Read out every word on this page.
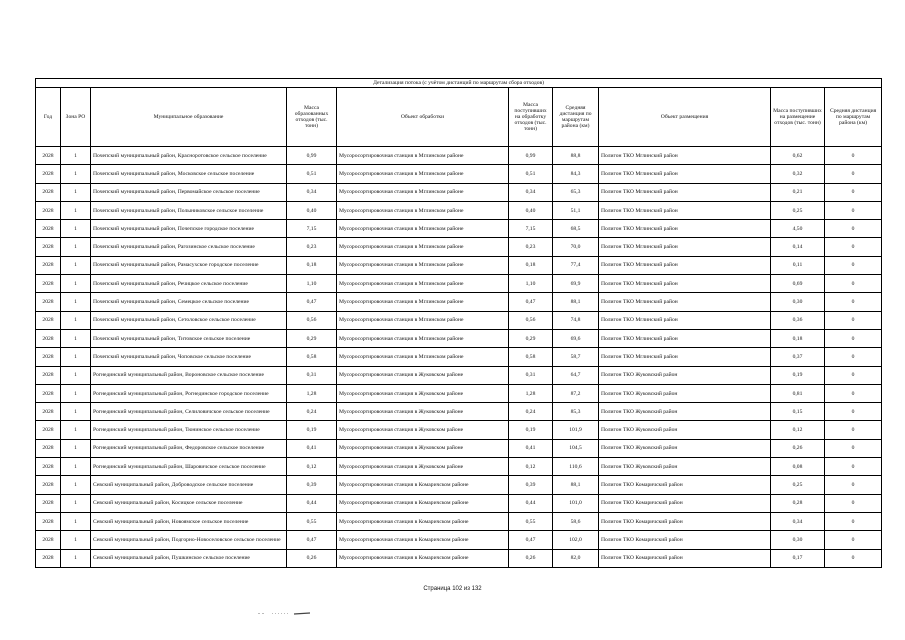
Детализация потока (с учётом дистанций по маршрутам сбора отходов)									
Год	Зона РО	Муниципальное образование	Масса образованных отходов (тыс. тонн)	Объект обработки	Масса поступивших на обработку отходов (тыс. тонн)	Средняя дистанция по маршрутам района (км)	Объект размещения	Масса поступивших на размещение отходов (тыс. тонн)	Средняя дистанция по маршрутам района (км)
2028	1	Почепский муниципальный район, Красноротовское сельское поселение	0,99	Мусоросортировочная станция в Мглинском районе	0,99	88,8	Полигон ТКО Мглинский район	0,62	0
2028	1	Почепский муниципальный район, Московское сельское поселение	0,51	Мусоросортировочная станция в Мглинском районе	0,51	84,3	Полигон ТКО Мглинский район	0,32	0
2028	1	Почепский муниципальный район, Первомайское сельское поселение	0,34	Мусоросортировочная станция в Мглинском районе	0,34	65,3	Полигон ТКО Мглинский район	0,21	0
2028	1	Почепский муниципальный район, Полыниковское сельское поселение	0,40	Мусоросортировочная станция в Мглинском районе	0,40	51,1	Полигон ТКО Мглинский район	0,25	0
2028	1	Почепский муниципальный район, Почепское городское поселение	7,15	Мусоросортировочная станция в Мглинском районе	7,15	68,5	Полигон ТКО Мглинский район	4,50	0
2028	1	Почепский муниципальный район, Рагозинское сельское поселение	0,23	Мусоросортировочная станция в Мглинском районе	0,23	70,0	Полигон ТКО Мглинский район	0,14	0
2028	1	Почепский муниципальный район, Рамасухское городское поселение	0,18	Мусоросортировочная станция в Мглинском районе	0,18	77,4	Полигон ТКО Мглинский район	0,11	0
2028	1	Почепский муниципальный район, Речицкое сельское поселение	1,10	Мусоросортировочная станция в Мглинском районе	1,10	69,9	Полигон ТКО Мглинский район	0,69	0
2028	1	Почепский муниципальный район, Семецкое сельское поселение	0,47	Мусоросортировочная станция в Мглинском районе	0,47	88,1	Полигон ТКО Мглинский район	0,30	0
2028	1	Почепский муниципальный район, Сетоловское сельское поселение	0,56	Мусоросортировочная станция в Мглинском районе	0,56	74,8	Полигон ТКО Мглинский район	0,36	0
2028	1	Почепский муниципальный район, Титовское сельское поселение	0,29	Мусоросортировочная станция в Мглинском районе	0,29	69,6	Полигон ТКО Мглинский район	0,18	0
2028	1	Почепский муниципальный район, Чоповское сельское поселение	0,58	Мусоросортировочная станция в Мглинском районе	0,58	58,7	Полигон ТКО Мглинский район	0,37	0
2028	1	Рогнединский муниципальный район, Вороновское сельское поселение	0,31	Мусоросортировочная станция в Жуковском районе	0,31	64,7	Полигон ТКО Жуковский район	0,19	0
2028	1	Рогнединский муниципальный район, Рогнединское городское поселение	1,28	Мусоросортировочная станция в Жуковском районе	1,28	87,2	Полигон ТКО Жуковский район	0,81	0
2028	1	Рогнединский муниципальный район, Селиловичское сельское поселение	0,24	Мусоросортировочная станция в Жуковском районе	0,24	85,3	Полигон ТКО Жуковский район	0,15	0
2028	1	Рогнединский муниципальный район, Тюнинское сельское поселение	0,19	Мусоросортировочная станция в Жуковском районе	0,19	101,9	Полигон ТКО Жуковский район	0,12	0
2028	1	Рогнединский муниципальный район, Федоровское сельское поселение	0,41	Мусоросортировочная станция в Жуковском районе	0,41	104,5	Полигон ТКО Жуковский район	0,26	0
2028	1	Рогнединский муниципальный район, Шаровичское сельское поселение	0,12	Мусоросортировочная станция в Жуковском районе	0,12	110,6	Полигон ТКО Жуковский район	0,08	0
2028	1	Севский муниципальный район, Доброводское сельское поселение	0,39	Мусоросортировочная станция в Комаричском районе	0,39	88,1	Полигон ТКО Комаричский район	0,25	0
2028	1	Севский муниципальный район, Косицкое сельское поселение	0,44	Мусоросортировочная станция в Комаричском районе	0,44	101,0	Полигон ТКО Комаричский район	0,28	0
2028	1	Севский муниципальный район, Новоямское сельское поселение	0,55	Мусоросортировочная станция в Комаричском районе	0,55	58,6	Полигон ТКО Комаричский район	0,34	0
2028	1	Севский муниципальный район, Подгорно-Новоселовское сельское поселение	0,47	Мусоросортировочная станция в Комаричском районе	0,47	102,0	Полигон ТКО Комаричский район	0,30	0
2028	1	Севский муниципальный район, Пушкинское сельское поселение	0,26	Мусоросортировочная станция в Комаричском районе	0,26	82,0	Полигон ТКО Комаричский район	0,17	0
Страница 102 из 132
